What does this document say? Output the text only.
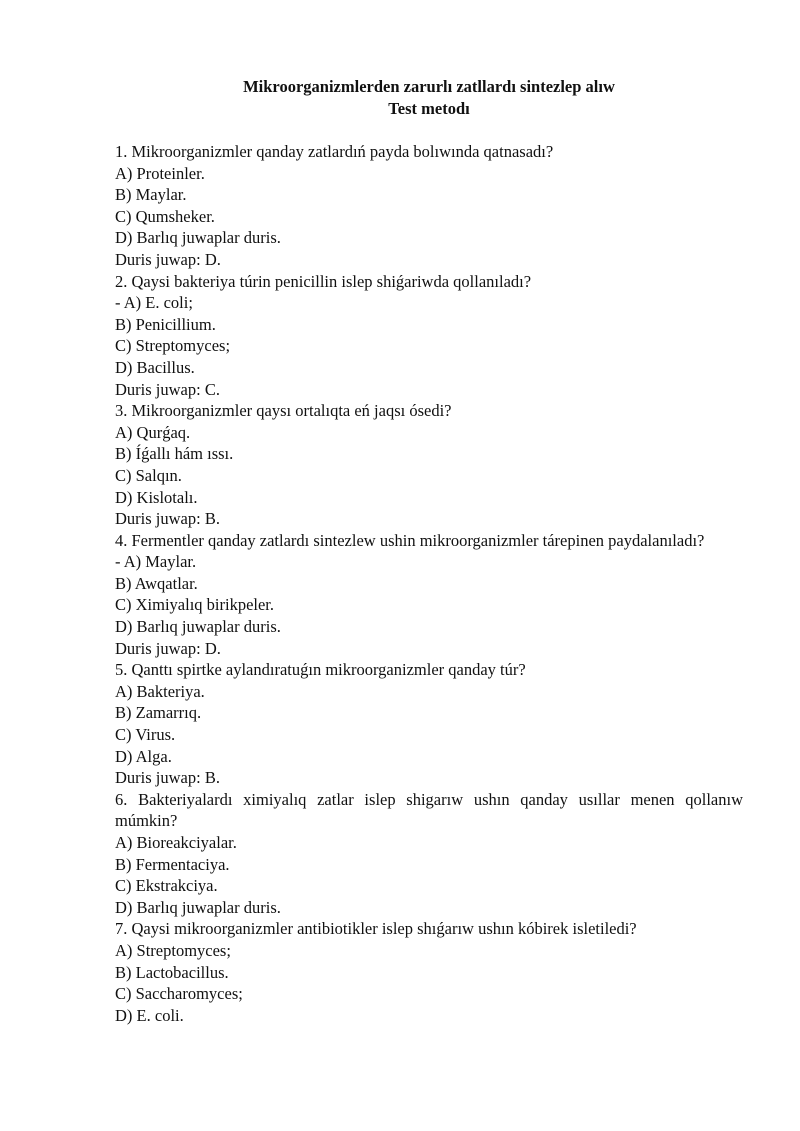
Mikroorganizmlerden zarurlı zatllardı sintezlep alıw

Test metodı

1. Mikroorganizmler qanday zatlardıń payda bolıwında qatnasadı?

A) Proteinler.

B) Maylar.

C) Qumsheker.

D) Barlıq juwaplar duris.

Duris juwap: D.

2. Qaysi bakteriya túrin penicillin islep shiǵariwda qollanıladı?

- A) E. coli;

B) Penicillium.

C) Streptomyces;

D) Bacillus.

Duris juwap: C.

3. Mikroorganizmler qaysı ortalıqta eń jaqsı ósedi?

A) Qurǵaq.

B) Íǵallı hám ıssı.

C) Salqın.

D) Kislotalı.

Duris juwap: B.

4. Fermentler qanday zatlardı sintezlew ushin mikroorganizmler tárepinen paydalanıladı?

- A) Maylar.

B) Awqatlar.

C) Ximiyalıq birikpeler.

D) Barlıq juwaplar duris.

Duris juwap: D.

5. Qanttı spirtke aylandıratuǵın mikroorganizmler qanday túr?

A) Bakteriya.

B) Zamarrıq.

C) Virus.

D) Alga.

Duris juwap: B.

6. Bakteriyalardı ximiyalıq zatlar islep shigarıw ushın qanday usıllar menen qollanıw múmkin?

A) Bioreakciyalar.

B) Fermentaciya.

C) Ekstrakciya.

D) Barlıq juwaplar duris.

7. Qaysi mikroorganizmler antibiotikler islep shıǵarıw ushın kóbirek isletiledi?

A) Streptomyces;

B) Lactobacillus.

C) Saccharomyces;

D) E. coli.
